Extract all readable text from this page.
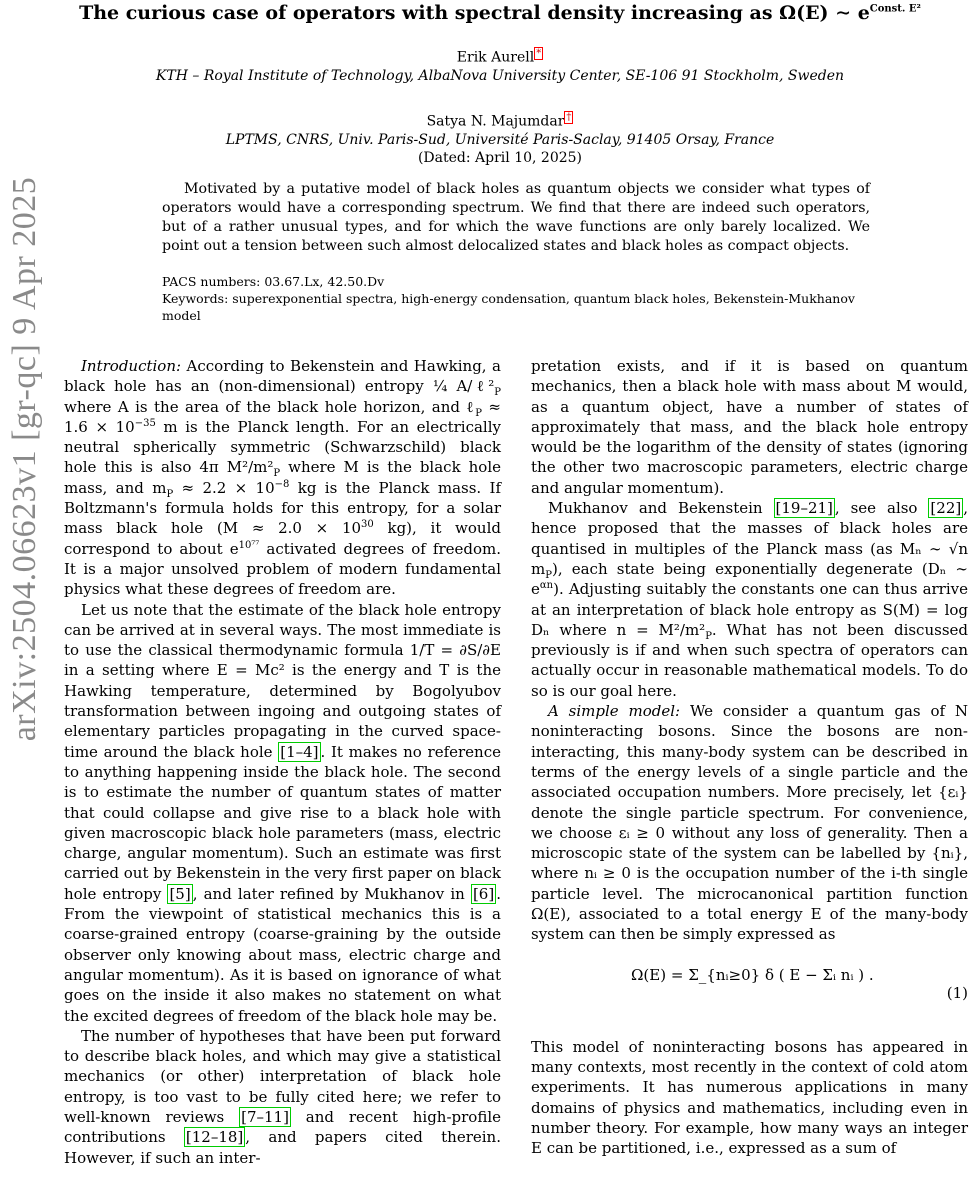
arXiv:2504.06623v1 [gr-qc] 9 Apr 2025
The curious case of operators with spectral density increasing as Ω(E) ∼ $e^{Const. E^2}$
Erik Aurell *
KTH – Royal Institute of Technology, AlbaNova University Center, SE-106 91 Stockholm, Sweden
Satya N. Majumdar †
LPTMS, CNRS, Univ. Paris-Sud, Université Paris-Saclay, 91405 Orsay, France
(Dated: April 10, 2025)

Motivated by a putative model of black holes as quantum objects we consider what types of operators would have a corresponding spectrum. We find that there are indeed such operators, but of a rather unusual types, and for which the wave functions are only barely localized. We point out a tension between such almost delocalized states and black holes as compact objects.

PACS numbers: 03.67.Lx, 42.50.Dv
Keywords: superexponential spectra, high-energy condensation, quantum black holes, Bekenstein-Mukhanov model

Introduction: According to Bekenstein and Hawking, a black hole has an (non-dimensional) entropy ¼ $A/\ell^2_P$ where A is the area of the black hole horizon, and ℓ$_P$ ≈ $1.6 \times 10^{-35}$ m is the Planck length. For an electrically neutral spherically symmetric (Schwarzschild) black hole this is also 4π $M^2/m^2_P$ where M is the black hole mass, and $m_P \approx 2.2 \times 10^{-8}$ kg is the Planck mass. If Boltzmann's formula holds for this entropy, for a solar mass black hole ($M \approx 2.0 \times 10^{30}$ kg), it would correspond to about $e^{10^{77}}$ activated degrees of freedom. It is a major unsolved problem of modern fundamental physics what these degrees of freedom are.

Let us note that the estimate of the black hole entropy can be arrived at in several ways. The most immediate is to use the classical thermodynamic formula 1/T = ∂S/∂E in a setting where E = Mc² is the energy and T is the Hawking temperature, determined by Bogolyubov transformation between ingoing and outgoing states of elementary particles propagating in the curved space-time around the black hole [1–4] . It makes no reference to anything happening inside the black hole. The second is to estimate the number of quantum states of matter that could collapse and give rise to a black hole with given macroscopic black hole parameters (mass, electric charge, angular momentum). Such an estimate was first carried out by Bekenstein in the very first paper on black hole entropy [5] , and later refined by Mukhanov in [6] . From the viewpoint of statistical mechanics this is a coarse-grained entropy (coarse-graining by the outside observer only knowing about mass, electric charge and angular momentum). As it is based on ignorance of what goes on the inside it also makes no statement on what the excited degrees of freedom of the black hole may be.

The number of hypotheses that have been put forward to describe black holes, and which may give a statistical mechanics (or other) interpretation of black hole entropy, is too vast to be fully cited here; we refer to well-known reviews [7–11] and recent high-profile contributions [12–18] , and papers cited therein. However, if such an inter-

pretation exists, and if it is based on quantum mechanics, then a black hole with mass about M would, as a quantum object, have a number of states of approximately that mass, and the black hole entropy would be the logarithm of the density of states (ignoring the other two macroscopic parameters, electric charge and angular momentum).

Mukhanov and Bekenstein [19–21] , see also [22] , hence proposed that the masses of black holes are quantised in multiples of the Planck mass (as Mₙ ∼ √n $m_P$), each state being exponentially degenerate (Dₙ ∼ $e^{\alpha n}$). Adjusting suitably the constants one can thus arrive at an interpretation of black hole entropy as S(M) = log Dₙ where $n = M^2/m^2_P$. What has not been discussed previously is if and when such spectra of operators can actually occur in reasonable mathematical models. To do so is our goal here.

A simple model: We consider a quantum gas of N noninteracting bosons. Since the bosons are non-interacting, this many-body system can be described in terms of the energy levels of a single particle and the associated occupation numbers. More precisely, let {εᵢ} denote the single particle spectrum. For convenience, we choose εᵢ ≥ 0 without any loss of generality. Then a microscopic state of the system can be labelled by {nᵢ}, where nᵢ ≥ 0 is the occupation number of the i-th single particle level. The microcanonical partition function Ω(E), associated to a total energy E of the many-body system can then be simply expressed as

Ω(E) = Σ_{nᵢ≥0} δ ( E − Σᵢ nᵢ ) .
(1)

This model of noninteracting bosons has appeared in many contexts, most recently in the context of cold atom experiments. It has numerous applications in many domains of physics and mathematics, including even in number theory. For example, how many ways an integer E can be partitioned, i.e., expressed as a sum of
